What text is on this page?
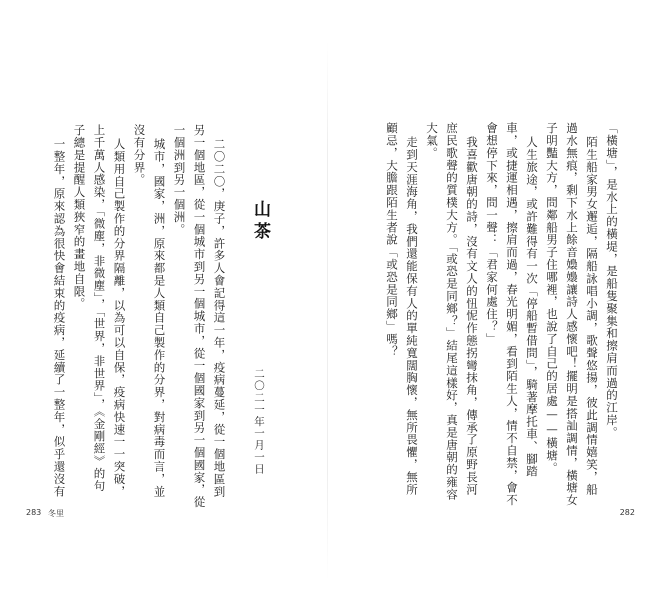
「橫塘」，是水上的橫堤，是船隻聚集和擦肩而過的江岸。
陌生船家男女邂逅，隔船詠唱小調，歌聲悠揚，彼此調情嬉笑，船
過水無痕，剩下水上餘音嬝嬝讓詩人感懷吧！擺明是搭訕調情，橫塘女
子明豔大方，問鄰船男子住哪裡，也說了自己的居處——橫塘。
人生旅途，或許難得有一次「停船暫借問」，騎著摩托車、腳踏
車，或捷運相遇，擦肩而過，春光明媚，看到陌生人，情不自禁，會不
會想停下來，問一聲：「君家何處住？」
我喜歡唐朝的詩，沒有文人的忸怩作態拐彎抹角，傳承了原野長河
庶民歌聲的質樸大方。「或恐是同鄉？」結尾這樣好，真是唐朝的雍容
大氣。
走到天涯海角，我們還能保有人的單純寬闊胸懷，無所畏懼，無所
顧忌，大膽跟陌生者說「或恐是同鄉」嗎？
282
山茶
二〇二一年一月一日
二〇二〇，庚子，許多人會記得這一年，疫病蔓延，從一個地區到
另一個地區，從一個城市到另一個城市，從一個國家到另一個國家，從
一個洲到另一個洲。
城市，國家，洲，原來都是人類自己製作的分界，對病毒而言，並
沒有分界。
人類用自己製作的分界隔離，以為可以自保，疫病快速一一突破，
上千萬人感染，「微塵，非微塵」，「世界，非世界」，《金剛經》的句
子總是提醒人類狹窄的畫地自限。
一整年，原來認為很快會結束的疫病，延續了一整年，似乎還沒有
283 冬里
